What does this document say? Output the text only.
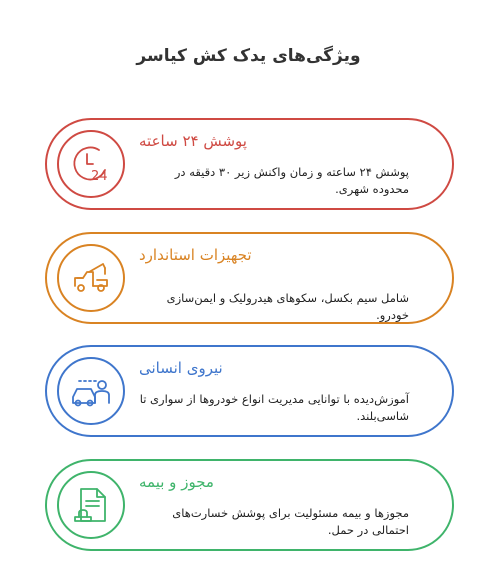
ویژگی‌های یدک کش کیاسر
24
پوشش ۲۴ ساعته
پوشش ۲۴ ساعته و زمان واکنش زیر ۳۰ دقیقه در محدوده شهری.
تجهیزات استاندارد
شامل سیم بکسل، سکوهای هیدرولیک و ایمن‌سازی خودرو.
نیروی انسانی
آموزش‌دیده با توانایی مدیریت انواع خودروها از سواری تا شاسی‌بلند.
مجوز و بیمه
مجوزها و بیمه مسئولیت برای پوشش خسارت‌های احتمالی در حمل.
